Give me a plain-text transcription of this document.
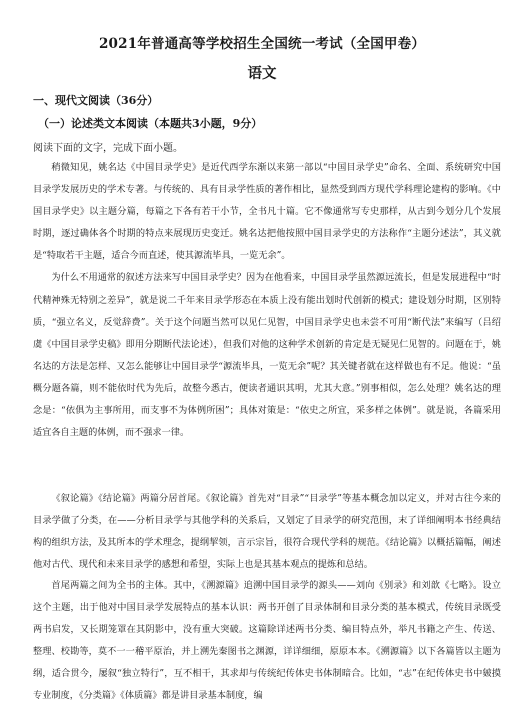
2021年普通高等学校招生全国统一考试（全国甲卷）
语文
一、现代文阅读（36分）
（一）论述类文本阅读（本题共3小题，9分）
阅读下面的文字，完成下面小题。

稍微知见，姚名达《中国目录学史》是近代西学东渐以来第一部以“中国目录学史”命名、全面、系统研究中国目录学发展历史的学术专著。与传统的、具有目录学性质的著作相比，显然受到西方现代学科理论建构的影响。《中国目录学史》以主题分篇，每篇之下各有若干小节，全书凡十篇。它不像通常写专史那样，从古到今划分几个发展时期，逐过确体各个时期的特点来展现历史变迁。姚名达把他按照中国目录学史的方法称作“主题分述法”，其义就是“特取若干主题，适合今而直述，使其源流毕具，一览无余”。

为什么不用通常的叙述方法来写中国目录学史？因为在他看来，中国目录学虽然源远流长，但是发展进程中“时代精神殊无特别之差异”，就是说二千年来目录学形态在本质上没有能出划时代创新的模式；建设划分时期，区别特质，“强立名义，反觉辞费”。关于这个问题当然可以见仁见智，中国目录学史也未尝不可用“断代法”来编写（吕绍虞《中国目录学史稿》即用分期断代法论述），但我们对他的这种学术创新的肯定是无疑见仁见智的。问题在于，姚名达的方法是怎样、又怎么能够让中国目录学“源流毕具，一览无余”呢？其关键者就在这样做也有不足。他说：“虽概分题各篇，则不能依时代为先后，故整今悉古，便读者通识其明，尤其大意。”别事相似，怎么处理？姚名达的理念是：“依俱为主事所用，而支事不为体例所困”；具体对策是：“依史之所宜，采多样之体例”。就是说，各篇采用适宜各自主题的体例，而不强求一律。

《叙论篇》《结论篇》两篇分居首尾。《叙论篇》首先对“目录”“目录学”等基本概念加以定义，并对古往今来的目录学做了分类，在——分析目录学与其他学科的关系后，又划定了目录学的研究范围，末了详细阐明本书经典结构的组织方法，及其所本的学术理念，提纲挈领，言示宗旨，很符合现代学科的规范。《结论篇》以概括篇幅，阐述他对古代、现代和未来目录学的感想和希望，实际上也是其基本观点的提炼和总结。

首尾两篇之间为全书的主体。其中，《溯源篇》追溯中国目录学的源头——刘向《别录》和刘歆《七略》。设立这个主题，出于他对中国目录学发展特点的基本认识：两书开创了目录体制和目录分类的基本模式，传统目录既受两书启发，又长期笼罩在其阴影中，没有重大突破。这篇除详述两书分类、编目特点外，举凡书籍之产生、传送、整理、校勘等，莫不一一稽平原治，并上溯先秦图书之渊源，详详细细，原原本本。《溯源篇》以下各篇皆以主题为纲，适合贯今，屡叙“独立特行”，互不相干，其求却与传统纪传体史书体制暗合。比如，“志”在纪传体史书中皴摸专业制度，《分类篇》《体质篇》都是讲目录基本制度，编
